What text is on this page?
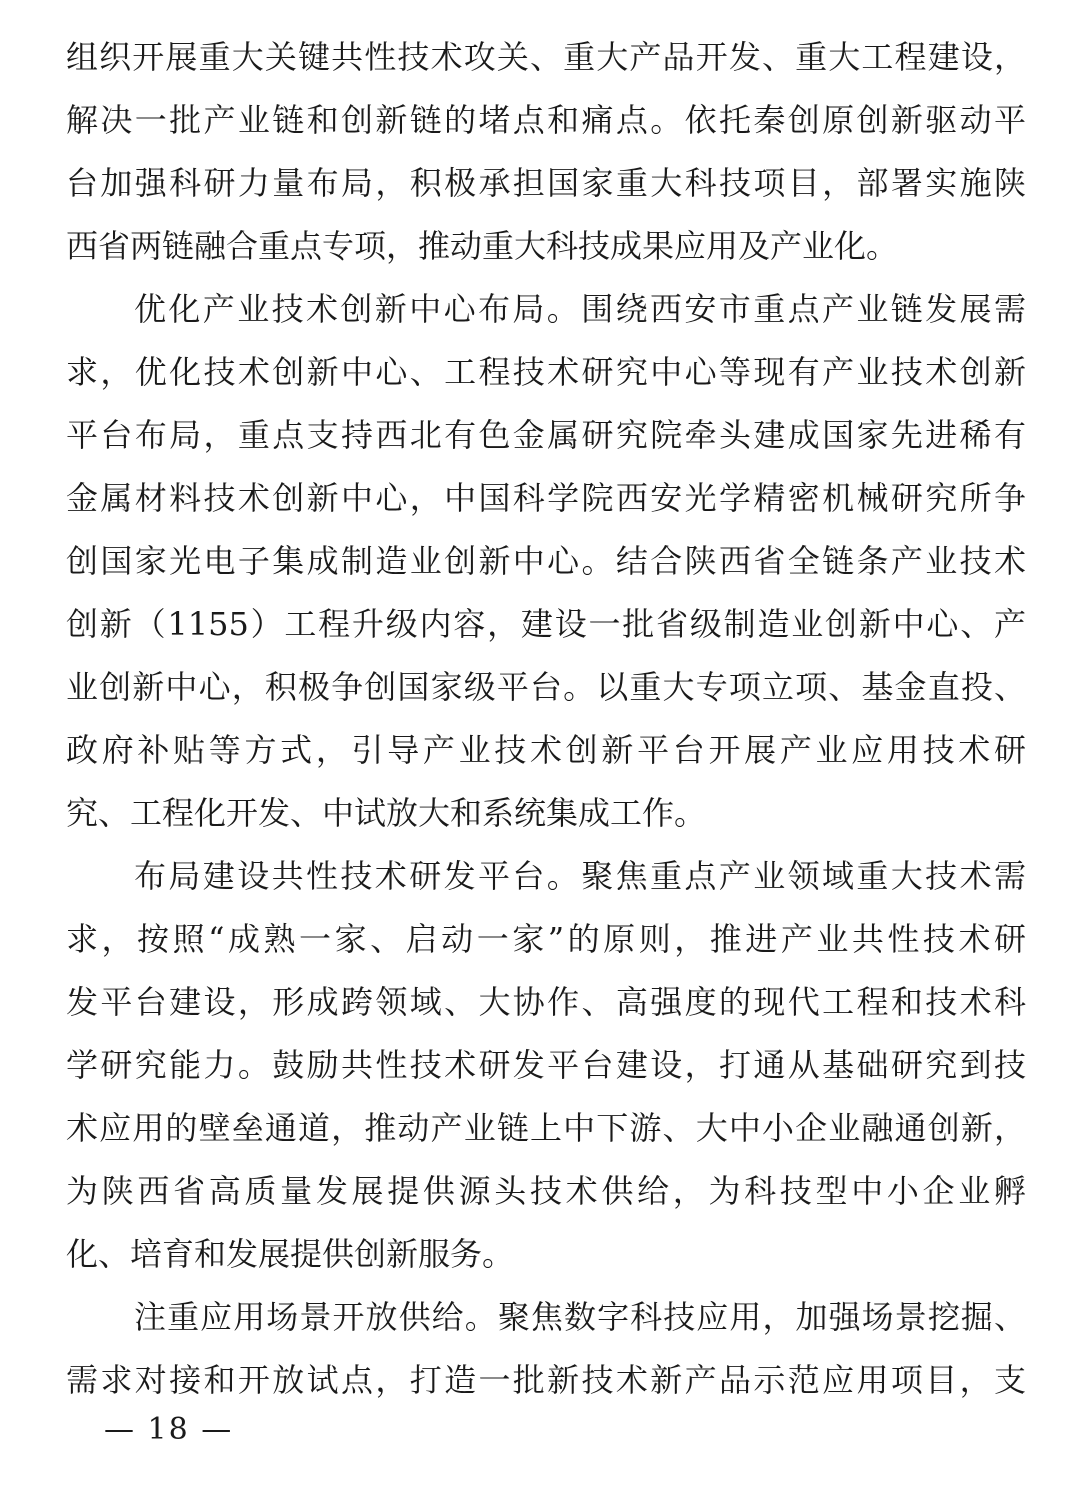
组织开展重大关键共性技术攻关、重大产品开发、重大工程建设，
解决一批产业链和创新链的堵点和痛点。依托秦创原创新驱动平
台加强科研力量布局，积极承担国家重大科技项目，部署实施陕
西省两链融合重点专项，推动重大科技成果应用及产业化。
优化产业技术创新中心布局。围绕西安市重点产业链发展需
求，优化技术创新中心、工程技术研究中心等现有产业技术创新
平台布局，重点支持西北有色金属研究院牵头建成国家先进稀有
金属材料技术创新中心，中国科学院西安光学精密机械研究所争
创国家光电子集成制造业创新中心。结合陕西省全链条产业技术
创新（1155）工程升级内容，建设一批省级制造业创新中心、产
业创新中心，积极争创国家级平台。以重大专项立项、基金直投、
政府补贴等方式，引导产业技术创新平台开展产业应用技术研
究、工程化开发、中试放大和系统集成工作。
布局建设共性技术研发平台。聚焦重点产业领域重大技术需
求，按照“成熟一家、启动一家”的原则，推进产业共性技术研
发平台建设，形成跨领域、大协作、高强度的现代工程和技术科
学研究能力。鼓励共性技术研发平台建设，打通从基础研究到技
术应用的壁垒通道，推动产业链上中下游、大中小企业融通创新，
为陕西省高质量发展提供源头技术供给，为科技型中小企业孵
化、培育和发展提供创新服务。
注重应用场景开放供给。聚焦数字科技应用，加强场景挖掘、
需求对接和开放试点，打造一批新技术新产品示范应用项目，支
— 18 —
